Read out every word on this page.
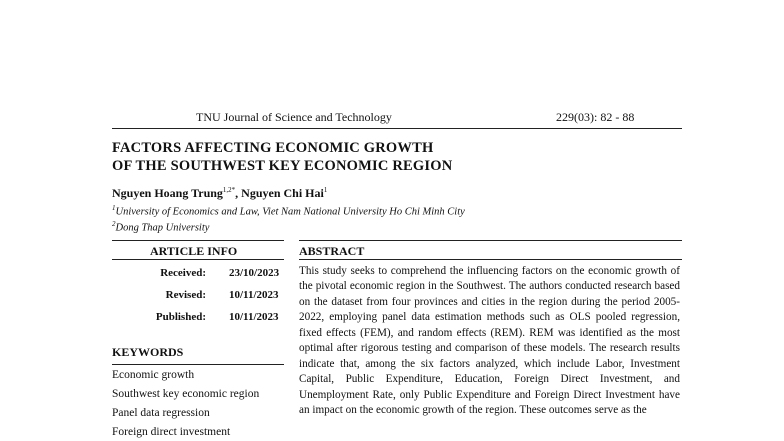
TNU Journal of Science and Technology	229(03): 82 - 88
FACTORS AFFECTING ECONOMIC GROWTH
OF THE SOUTHWEST KEY ECONOMIC REGION
Nguyen Hoang Trung$^{1,2*}$, Nguyen Chi Hai$^1$
$^1$University of Economics and Law, Viet Nam National University Ho Chi Minh City
$^2$Dong Thap University
ARTICLE INFO	ABSTRACT
Received: 23/10/2023
Revised: 10/11/2023
Published: 10/11/2023
KEYWORDS
Economic growth
Southwest key economic region
Panel data regression
Foreign direct investment
This study seeks to comprehend the influencing factors on the economic growth of the pivotal economic region in the Southwest. The authors conducted research based on the dataset from four provinces and cities in the region during the period 2005-2022, employing panel data estimation methods such as OLS pooled regression, fixed effects (FEM), and random effects (REM). REM was identified as the most optimal after rigorous testing and comparison of these models. The research results indicate that, among the six factors analyzed, which include Labor, Investment Capital, Public Expenditure, Education, Foreign Direct Investment, and Unemployment Rate, only Public Expenditure and Foreign Direct Investment have an impact on the economic growth of the region. These outcomes serve as the
